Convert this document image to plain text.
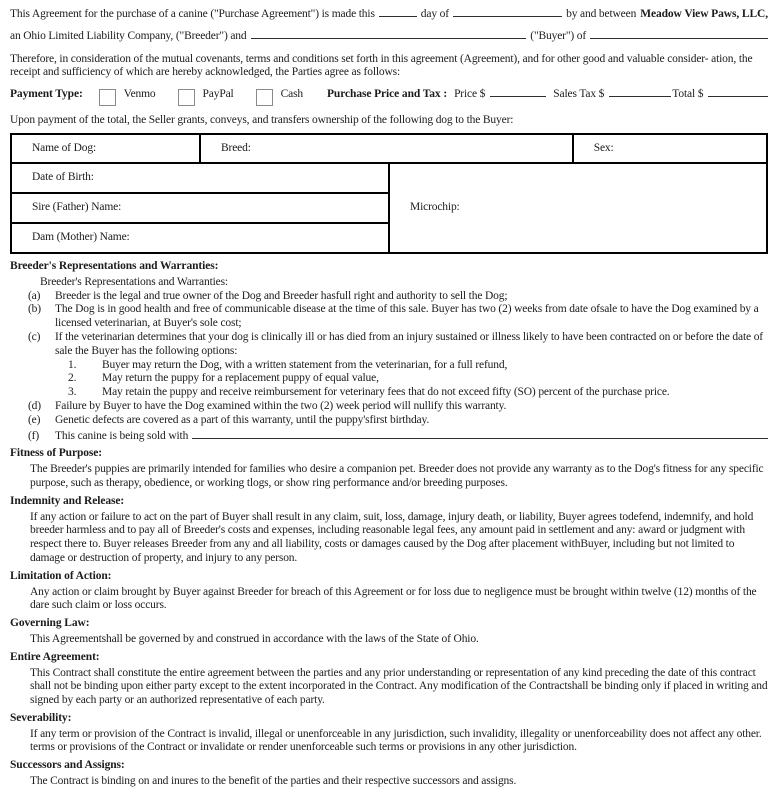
This Agreement for the purchase of a canine ("Purchase Agreement") is made this	day of	by and between Meadow View Paws, LLC,
an Ohio Limited Liability Company, ("Breeder") and	("Buyer") of
Therefore, in consideration of the mutual covenants, terms and conditions set forth in this agreement (Agreement), and for other good and valuable consider- ation, the receipt and sufficiency of which are hereby acknowledged, the Parties agree as follows:
Payment Type:	Venmo	PayPal	Cash Purchase Price and Tax : Price $	Sales Tax $	Total $
Upon payment of the total, the Seller grants, conveys, and transfers ownership of the following dog to the Buyer:
Name of Dog:	Breed:		Sex:
Date of Birth:		Microchip:	
Sire (Father) Name:			
Dam (Mother) Name:			
Breeder's Representations and Warranties:
Breeder's Representations and Warranties:
(a)	Breeder is the legal and true owner of the Dog and Breeder hasfull right and authority to sell the Dog;
(b)	The Dog is in good health and free of communicable disease at the time of this sale. Buyer has two (2) weeks from date ofsale to have the Dog examined by a licensed veterinarian, at Buyer's sole cost;
(c)	If the veterinarian determines that your dog is clinically ill or has died from an injury sustained or illness likely to have been contracted on or before the date of sale the Buyer has the following options:
1.	Buyer may return the Dog, with a written statement from the veterinarian, for a full refund,
2.	May return the puppy for a replacement puppy of equal value,
3.	May retain the puppy and receive reimbursement for veterinary fees that do not exceed fifty (SO) percent of the purchase price.
(d)	Failure by Buyer to have the Dog examined within the two (2) week period will nullify this warranty.
(e)	Genetic defects are covered as a part of this warranty, until the puppy'sfirst birthday.
(f)	This canine is being sold with
Fitness of Purpose:
The Breeder's puppies are primarily intended for families who desire a companion pet. Breeder does not provide any warranty as to the Dog's fitness for any specific purpose, such as therapy, obedience, or working tlogs, or show ring performance and/or breeding purposes.
Indemnity and Release:
If any action or failure to act on the part of Buyer shall result in any claim, suit, loss, damage, injury death, or liability, Buyer agrees todefend, indemnify, and hold breeder harmless and to pay all of Breeder's costs and expenses, including reasonable legal fees, any amount paid in settlement and any: award or judgment with respect there to. Buyer releases Breeder from any and all liability, costs or damages caused by the Dog after placement withBuyer, including but not limited to damage or destruction of property, and injury to any person.
Limitation of Action:
Any action or claim brought by Buyer against Breeder for breach of this Agreement or for loss due to negligence must be brought within twelve (12) months of the dare such claim or loss occurs.
Governing Law:
This Agreementshall be governed by and construed in accordance with the laws of the State of Ohio.
Entire Agreement:
This Contract shall constitute the entire agreement between the parties and any prior understanding or representation of any kind preceding the date of this contract shall not be binding upon either party except to the extent incorporated in the Contract. Any modification of the Contractshall be binding only if placed in writing and signed by each party or an authorized representative of each party.
Severability:
If any term or provision of the Contract is invalid, illegal or unenforceable in any jurisdiction, such invalidity, illegality or unenforceability does not affect any other. terms or provisions of the Contract or invalidate or render unenforceable such terms or provisions in any other jurisdiction.
Successors and Assigns:
The Contract is binding on and inures to the benefit of the parties and their respective successors and assigns.
